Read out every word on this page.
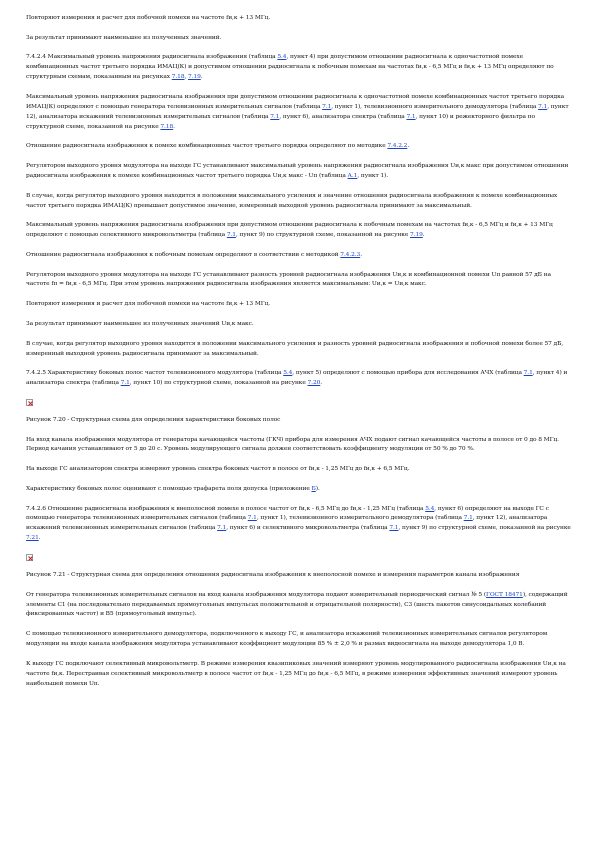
Повторяют измерения и расчет для побочной помехи на частоте fи,к + 13 МГц.

За результат принимают наименьшее из полученных значений.

7.4.2.4 Максимальный уровень напряжения радиосигнала изображения (таблица 5.4, пункт 4) при допустимом отношении радиосигнала к одночастотной помехе комбинационных частот третьего порядка ИМАЦ(К) и допустимом отношении радиосигнала к побочным помехам на частотах fи,к - 6,5 МГц и fи,к + 13 МГц определяют по структурным схемам, показанным на рисунках 7.18, 7.19.

Максимальный уровень напряжения радиосигнала изображения при допустимом отношении радиосигнала к одночастотной помехе комбинационных частот третьего порядка ИМАЦ(К) определяют с помощью генератора телевизионных измерительных сигналов (таблица 7.1, пункт 1), телевизионного измерительного демодулятора (таблица 7.1, пункт 12), анализатора искажений телевизионных измерительных сигналов (таблица 7.1, пункт 6), анализатора спектра (таблица 7.1, пункт 10) и режекторного фильтра по структурной схеме, показанной на рисунке 7.18.

Отношение радиосигнала изображения к помехе комбинационных частот третьего порядка определяют по методике 7.4.2.2.

Регулятором выходного уровня модулятора на выходе ГС устанавливают максимальный уровень напряжения радиосигнала изображения Uи,к макс при допустимом отношении радиосигнала изображения к помехе комбинационных частот третьего порядка Uи,к макс - Uп (таблица А.1, пункт 1).

В случае, когда регулятор выходного уровня находится в положении максимального усиления и значение отношения радиосигнала изображения к помехе комбинационных частот третьего порядка ИМАЦ(К) превышает допустимое значение, измеренный выходной уровень радиосигнала принимают за максимальный.

Максимальный уровень напряжения радиосигнала изображения при допустимом отношении радиосигнала к побочным помехам на частотах fи,к - 6,5 МГц и fи,к + 13 МГц определяют с помощью селективного микровольтметра (таблица 7.1, пункт 9) по структурной схеме, показанной на рисунке 7.19.

Отношение радиосигнала изображения к побочным помехам определяют в соответствии с методикой 7.4.2.3.

Регулятором выходного уровня модулятора на выходе ГС устанавливают разность уровней радиосигнала изображения Uи,к и комбинационной помехи Uп равной 57 дБ на частоте fп = fи,к - 6,5 МГц. При этом уровень напряжения радиосигнала изображения является максимальным: Uи,к = Uи,к макс.

Повторяют измерения и расчет для побочной помехи на частоте fи,к + 13 МГц.

За результат принимают наименьшее из полученных значений Uи,к макс.

В случае, когда регулятор выходного уровня находится в положении максимального усиления и разность уровней радиосигнала изображения и побочной помехи более 57 дБ, измеренный выходной уровень радиосигнала принимают за максимальный.

7.4.2.5 Характеристику боковых полос частот телевизионного модулятора (таблица 5.4, пункт 5) определяют с помощью прибора для исследования АЧХ (таблица 7.1, пункт 4) и анализатора спектра (таблица 7.1, пункт 10) по структурной схеме, показанной на рисунке 7.20.

Рисунок 7.20 - Структурная схема для определения характеристики боковых полос

На вход канала изображения модулятора от генератора качающейся частоты (ГКЧ) прибора для измерения АЧХ подают сигнал качающейся частоты в полосе от 0 до 8 МГц. Период качания устанавливают от 5 до 20 с. Уровень модулирующего сигнала должен соответствовать коэффициенту модуляции от 50 % до 70 %.

На выходе ГС анализатором спектра измеряют уровень спектра боковых частот в полосе от fи,к - 1,25 МГц до fи,к + 6,5 МГц.

Характеристику боковых полос оценивают с помощью трафарета поля допуска (приложение Б).

7.4.2.6 Отношение радиосигнала изображения к внеполосной помехе в полосе частот от fи,к - 6,5 МГц до fи,к - 1,25 МГц (таблица 5.4, пункт 6) определяют на выходе ГС с помощью генератора телевизионных измерительных сигналов (таблица 7.1, пункт 1), телевизионного измерительного демодулятора (таблица 7.1, пункт 12), анализатора искажений телевизионных измерительных сигналов (таблица 7.1, пункт 6) и селективного микровольтметра (таблица 7.1, пункт 9) по структурной схеме, показанной на рисунке 7.21.

Рисунок 7.21 - Структурная схема для определения отношения радиосигнала изображения к внеполосной помехе и измерения параметров канала изображения

От генератора телевизионных измерительных сигналов на вход канала изображения модулятора подают измерительный периодический сигнал № 5 (ГОСТ 18471), содержащий элементы С1 (на последовательно передаваемых прямоугольных импульсах положительной и отрицательной полярности), С3 (шесть пакетов синусоидальных колебаний фиксированных частот) и В5 (прямоугольный импульс).

С помощью телевизионного измерительного демодулятора, подключенного к выходу ГС, и анализатора искажений телевизионных измерительных сигналов регулятором модуляции на входе канала изображения модулятора устанавливают коэффициент модуляции 85 % ± 2,0 % и размах видеосигнала на выходе демодулятора 1,0 В.

К выходу ГС подключают селективный микровольтметр. В режиме измерения квазипиковых значений измеряют уровень модулированного радиосигнала изображения Uи,к на частоте fи,к. Перестраивая селективный микровольтметр в полосе частот от fи,к - 1,25 МГц до fи,к - 6,5 МГц, в режиме измерения эффективных значений измеряют уровень наибольшей помехи Uп.
